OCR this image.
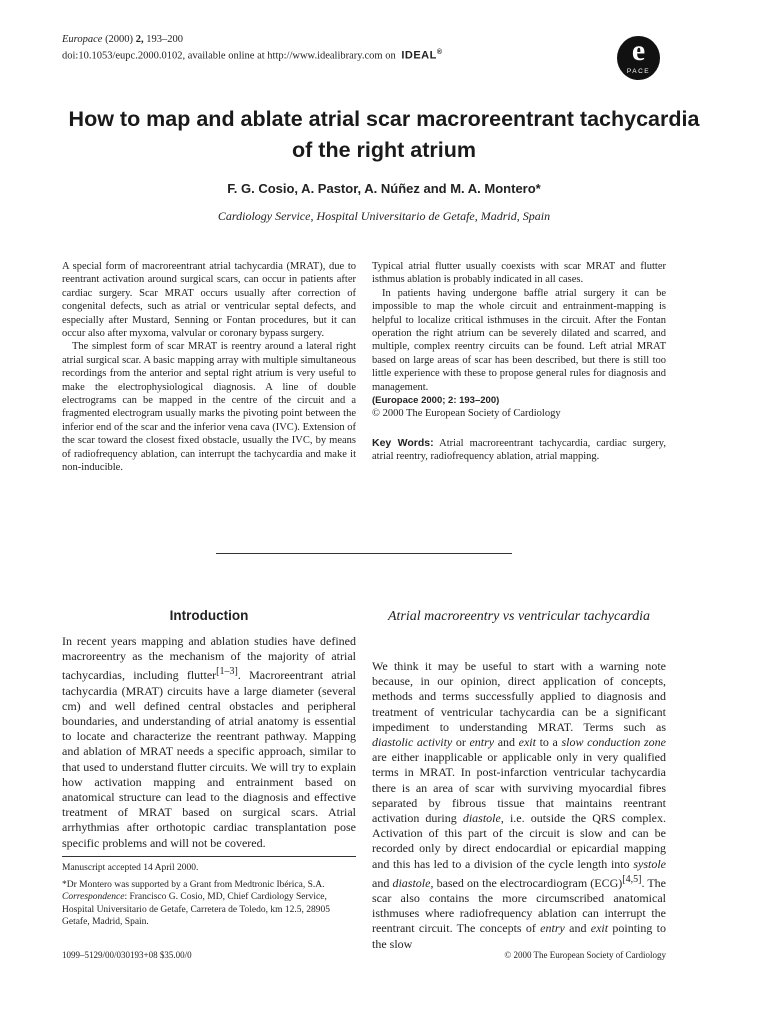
Europace (2000) 2, 193–200
doi:10.1053/eupc.2000.0102, available online at http://www.idealibrary.com on IDEAL®	e
PACE
How to map and ablate atrial scar macroreentrant tachycardia of the right atrium
F. G. Cosio, A. Pastor, A. Núñez and M. A. Montero*
Cardiology Service, Hospital Universitario de Getafe, Madrid, Spain

A special form of macroreentrant atrial tachycardia (MRAT), due to reentrant activation around surgical scars, can occur in patients after cardiac surgery. Scar MRAT occurs usually after correction of congenital defects, such as atrial or ventricular septal defects, and especially after Mustard, Senning or Fontan procedures, but it can occur also after myxoma, valvular or coronary bypass surgery.

The simplest form of scar MRAT is reentry around a lateral right atrial surgical scar. A basic mapping array with multiple simultaneous recordings from the anterior and septal right atrium is very useful to make the electrophysiological diagnosis. A line of double electrograms can be mapped in the centre of the circuit and a fragmented electrogram usually marks the pivoting point between the inferior end of the scar and the inferior vena cava (IVC). Extension of the scar toward the closest fixed obstacle, usually the IVC, by means of radiofrequency ablation, can interrupt the tachycardia and make it non-inducible.

Typical atrial flutter usually coexists with scar MRAT and flutter isthmus ablation is probably indicated in all cases.

In patients having undergone baffle atrial surgery it can be impossible to map the whole circuit and entrainment-mapping is helpful to localize critical isthmuses in the circuit. After the Fontan operation the right atrium can be severely dilated and scarred, and multiple, complex reentry circuits can be found. Left atrial MRAT based on large areas of scar has been described, but there is still too little experience with these to propose general rules for diagnosis and management.

(Europace 2000; 2: 193–200)

© 2000 The European Society of Cardiology

Key Words: Atrial macroreentrant tachycardia, cardiac surgery, atrial reentry, radiofrequency ablation, atrial mapping.

Introduction
In recent years mapping and ablation studies have defined macroreentry as the mechanism of the majority of atrial tachycardias, including flutter[1–3]. Macroreentrant atrial tachycardia (MRAT) circuits have a large diameter (several cm) and well defined central obstacles and peripheral boundaries, and understanding of atrial anatomy is essential to locate and characterize the reentrant pathway. Mapping and ablation of MRAT needs a specific approach, similar to that used to understand flutter circuits. We will try to explain how activation mapping and entrainment based on anatomical structure can lead to the diagnosis and effective treatment of MRAT based on surgical scars. Atrial arrhythmias after orthotopic cardiac transplantation pose specific problems and will not be covered.
Atrial macroreentry vs ventricular tachycardia
We think it may be useful to start with a warning note because, in our opinion, direct application of concepts, methods and terms successfully applied to diagnosis and treatment of ventricular tachycardia can be a significant impediment to understanding MRAT. Terms such as diastolic activity or entry and exit to a slow conduction zone are either inapplicable or applicable only in very qualified terms in MRAT. In post-infarction ventricular tachycardia there is an area of scar with surviving myocardial fibres separated by fibrous tissue that maintains reentrant activation during diastole, i.e. outside the QRS complex. Activation of this part of the circuit is slow and can be recorded only by direct endocardial or epicardial mapping and this has led to a division of the cycle length into systole and diastole, based on the electrocardiogram (ECG)[4,5]. The scar also contains the more circumscribed anatomical isthmuses where radiofrequency ablation can interrupt the reentrant circuit. The concepts of entry and exit pointing to the slow

Manuscript accepted 14 April 2000.

*Dr Montero was supported by a Grant from Medtronic Ibérica, S.A. Correspondence: Francisco G. Cosio, MD, Chief Cardiology Service, Hospital Universitario de Getafe, Carretera de Toledo, km 12.5, 28905 Getafe, Madrid, Spain.

1099–5129/00/030193+08 $35.00/0	© 2000 The European Society of Cardiology
